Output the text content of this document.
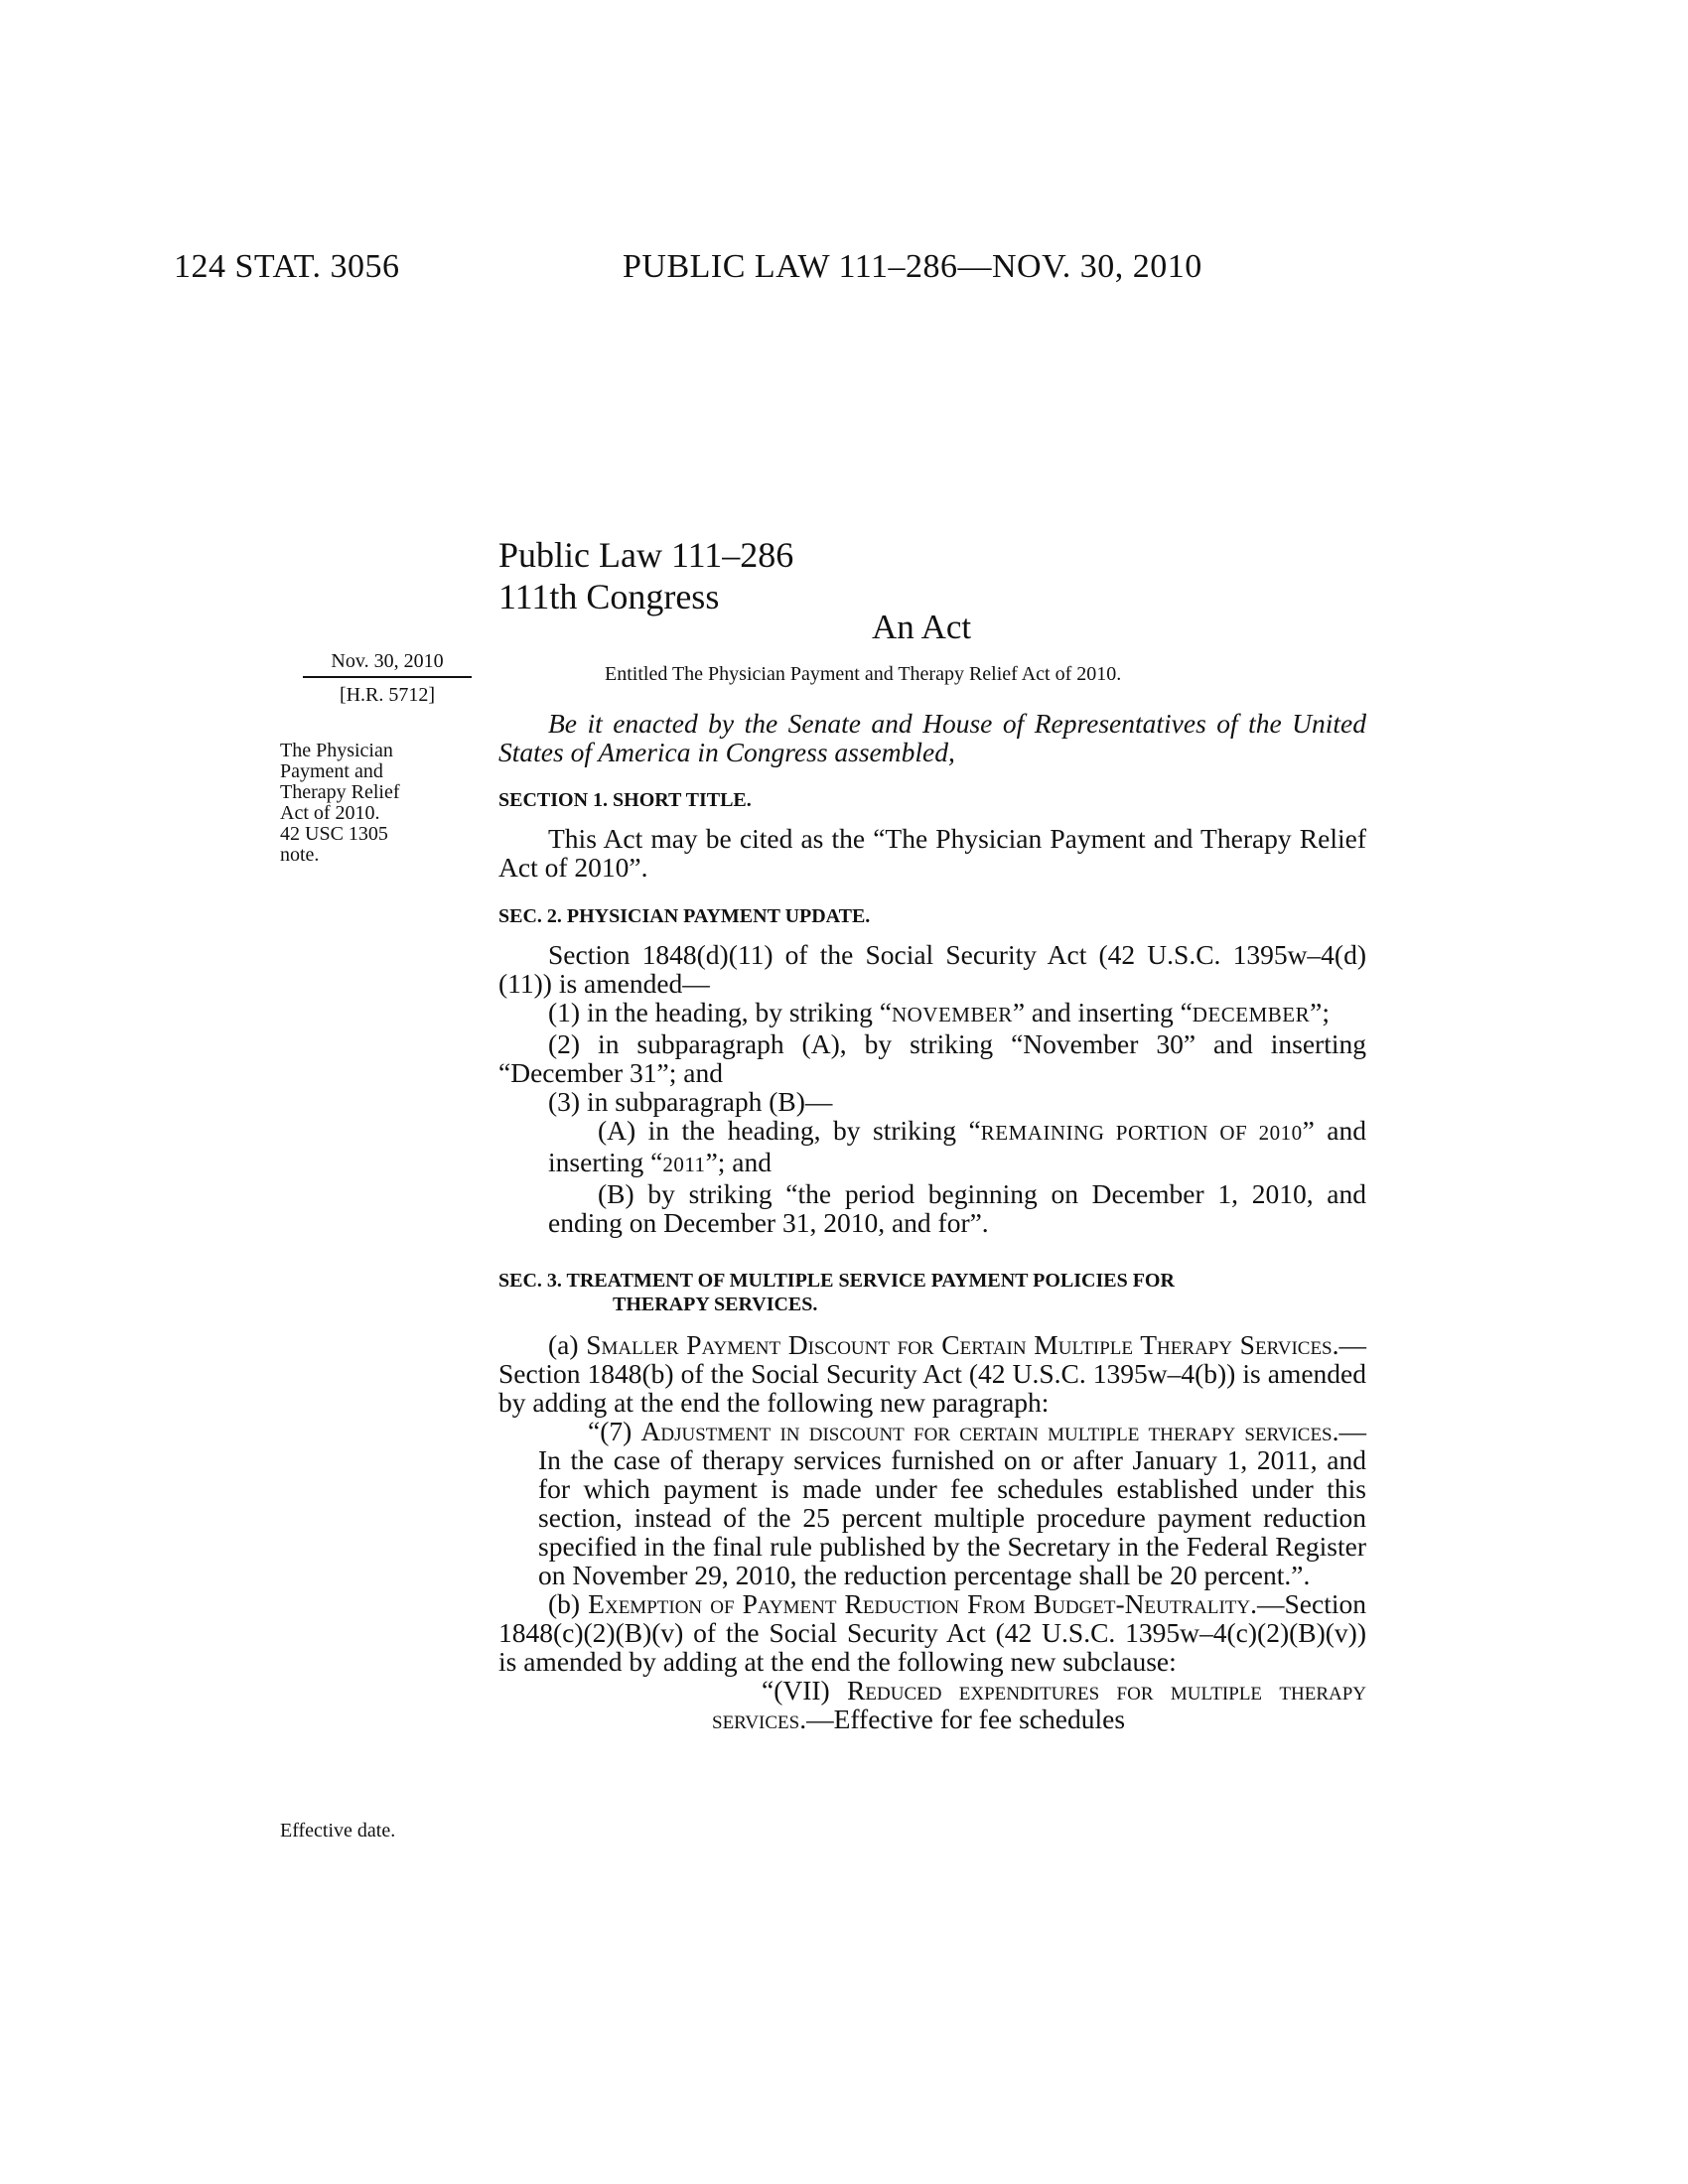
124 STAT. 3056	PUBLIC LAW 111–286—NOV. 30, 2010
Public Law 111–286
111th Congress
An Act
Nov. 30, 2010
[H.R. 5712]
Entitled The Physician Payment and Therapy Relief Act of 2010.
The Physician
Payment and
Therapy Relief
Act of 2010.
42 USC 1305
note.
Effective date.

Be it enacted by the Senate and House of Representatives of the United States of America in Congress assembled,

SECTION 1. SHORT TITLE.

This Act may be cited as the “The Physician Payment and Therapy Relief Act of 2010”.

SEC. 2. PHYSICIAN PAYMENT UPDATE.

Section 1848(d)(11) of the Social Security Act (42 U.S.C. 1395w–4(d)(11)) is amended—

(1) in the heading, by striking “NOVEMBER” and inserting “DECEMBER”;

(2) in subparagraph (A), by striking “November 30” and inserting “December 31”; and

(3) in subparagraph (B)—

(A) in the heading, by striking “REMAINING PORTION OF 2010” and inserting “2011”; and

(B) by striking “the period beginning on December 1, 2010, and ending on December 31, 2010, and for”.

SEC. 3. TREATMENT OF MULTIPLE SERVICE PAYMENT POLICIES FOR
THERAPY SERVICES.

(a) Smaller Payment Discount for Certain Multiple Therapy Services.—Section 1848(b) of the Social Security Act (42 U.S.C. 1395w–4(b)) is amended by adding at the end the following new paragraph:

“(7) Adjustment in discount for certain multiple therapy services.—In the case of therapy services furnished on or after January 1, 2011, and for which payment is made under fee schedules established under this section, instead of the 25 percent multiple procedure payment reduction specified in the final rule published by the Secretary in the Federal Register on November 29, 2010, the reduction percentage shall be 20 percent.”.

(b) Exemption of Payment Reduction From Budget-Neutrality.—Section 1848(c)(2)(B)(v) of the Social Security Act (42 U.S.C. 1395w–4(c)(2)(B)(v)) is amended by adding at the end the following new subclause:

“(VII) Reduced expenditures for multiple therapy services.—Effective for fee schedules
